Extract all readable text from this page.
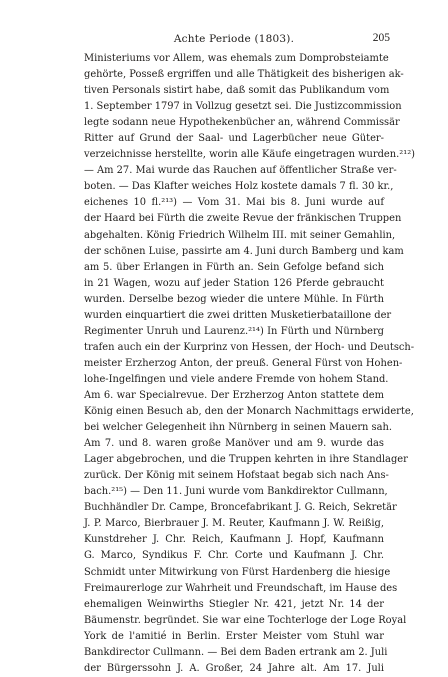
Achte Periode (1803).	205
Ministeriums vor Allem, was ehemals zum Domprobsteiamte
gehörte, Posseß ergriffen und alle Thätigkeit des bisherigen ak-
tiven Personals sistirt habe, daß somit das Publikandum vom
1. September 1797 in Vollzug gesetzt sei. Die Justizcommission
legte sodann neue Hypothekenbücher an, während Commissär
Ritter auf Grund der Saal- und Lagerbücher neue Güter-
verzeichnisse herstellte, worin alle Käufe eingetragen wurden.²¹²)
— Am 27. Mai wurde das Rauchen auf öffentlicher Straße ver-
boten. — Das Klafter weiches Holz kostete damals 7 fl. 30 kr.,
eichenes 10 fl.²¹³) — Vom 31. Mai bis 8. Juni wurde auf
der Haard bei Fürth die zweite Revue der fränkischen Truppen
abgehalten. König Friedrich Wilhelm III. mit seiner Gemahlin,
der schönen Luise, passirte am 4. Juni durch Bamberg und kam
am 5. über Erlangen in Fürth an. Sein Gefolge befand sich
in 21 Wagen, wozu auf jeder Station 126 Pferde gebraucht
wurden. Derselbe bezog wieder die untere Mühle. In Fürth
wurden einquartiert die zwei dritten Musketierbataillone der
Regimenter Unruh und Laurenz.²¹⁴) In Fürth und Nürnberg
trafen auch ein der Kurprinz von Hessen, der Hoch- und Deutsch-
meister Erzherzog Anton, der preuß. General Fürst von Hohen-
lohe-Ingelfingen und viele andere Fremde von hohem Stand.
Am 6. war Specialrevue. Der Erzherzog Anton stattete dem
König einen Besuch ab, den der Monarch Nachmittags erwiderte,
bei welcher Gelegenheit ihn Nürnberg in seinen Mauern sah.
Am 7. und 8. waren große Manöver und am 9. wurde das
Lager abgebrochen, und die Truppen kehrten in ihre Standlager
zurück. Der König mit seinem Hofstaat begab sich nach Ans-
bach.²¹⁵) — Den 11. Juni wurde vom Bankdirektor Cullmann,
Buchhändler Dr. Campe, Broncefabrikant J. G. Reich, Sekretär
J. P. Marco, Bierbrauer J. M. Reuter, Kaufmann J. W. Reißig,
Kunstdreher J. Chr. Reich, Kaufmann J. Hopf, Kaufmann
G. Marco, Syndikus F. Chr. Corte und Kaufmann J. Chr.
Schmidt unter Mitwirkung von Fürst Hardenberg die hiesige
Freimaurerloge zur Wahrheit und Freundschaft, im Hause des
ehemaligen Weinwirths Stiegler Nr. 421, jetzt Nr. 14 der
Bäumenstr. begründet. Sie war eine Tochterloge der Loge Royal
York de l'amitié in Berlin. Erster Meister vom Stuhl war
Bankdirector Cullmann. — Bei dem Baden ertrank am 2. Juli
der Bürgerssohn J. A. Großer, 24 Jahre alt. Am 17. Juli
